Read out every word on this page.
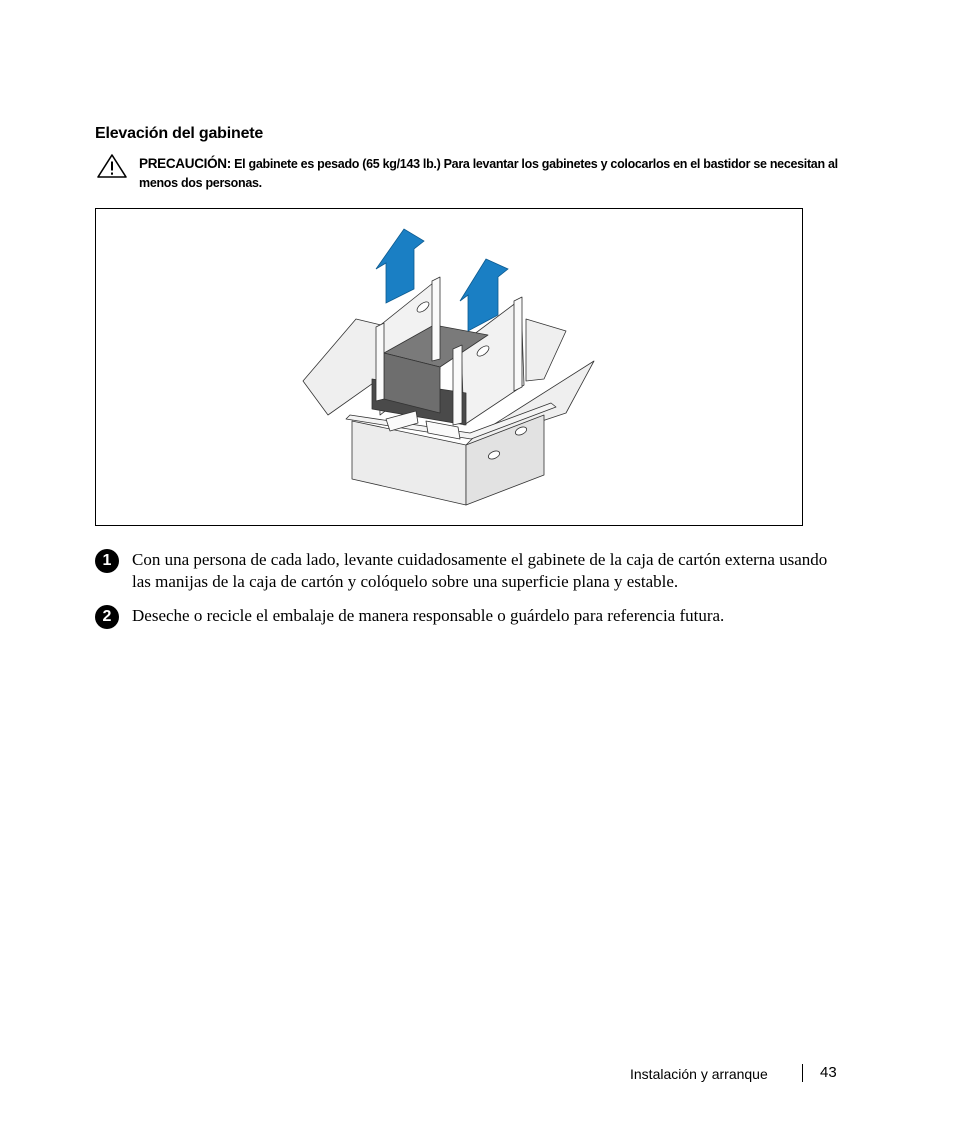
Elevación del gabinete
PRECAUCIÓN: El gabinete es pesado (65 kg/143 lb.) Para levantar los gabinetes y colocarlos en el bastidor se necesitan al menos dos personas.
1	Con una persona de cada lado, levante cuidadosamente el gabinete de la caja de cartón externa usando las manijas de la caja de cartón y colóquelo sobre una superficie plana y estable.
2	Deseche o recicle el embalaje de manera responsable o guárdelo para referencia futura.
Instalación y arranque	43
